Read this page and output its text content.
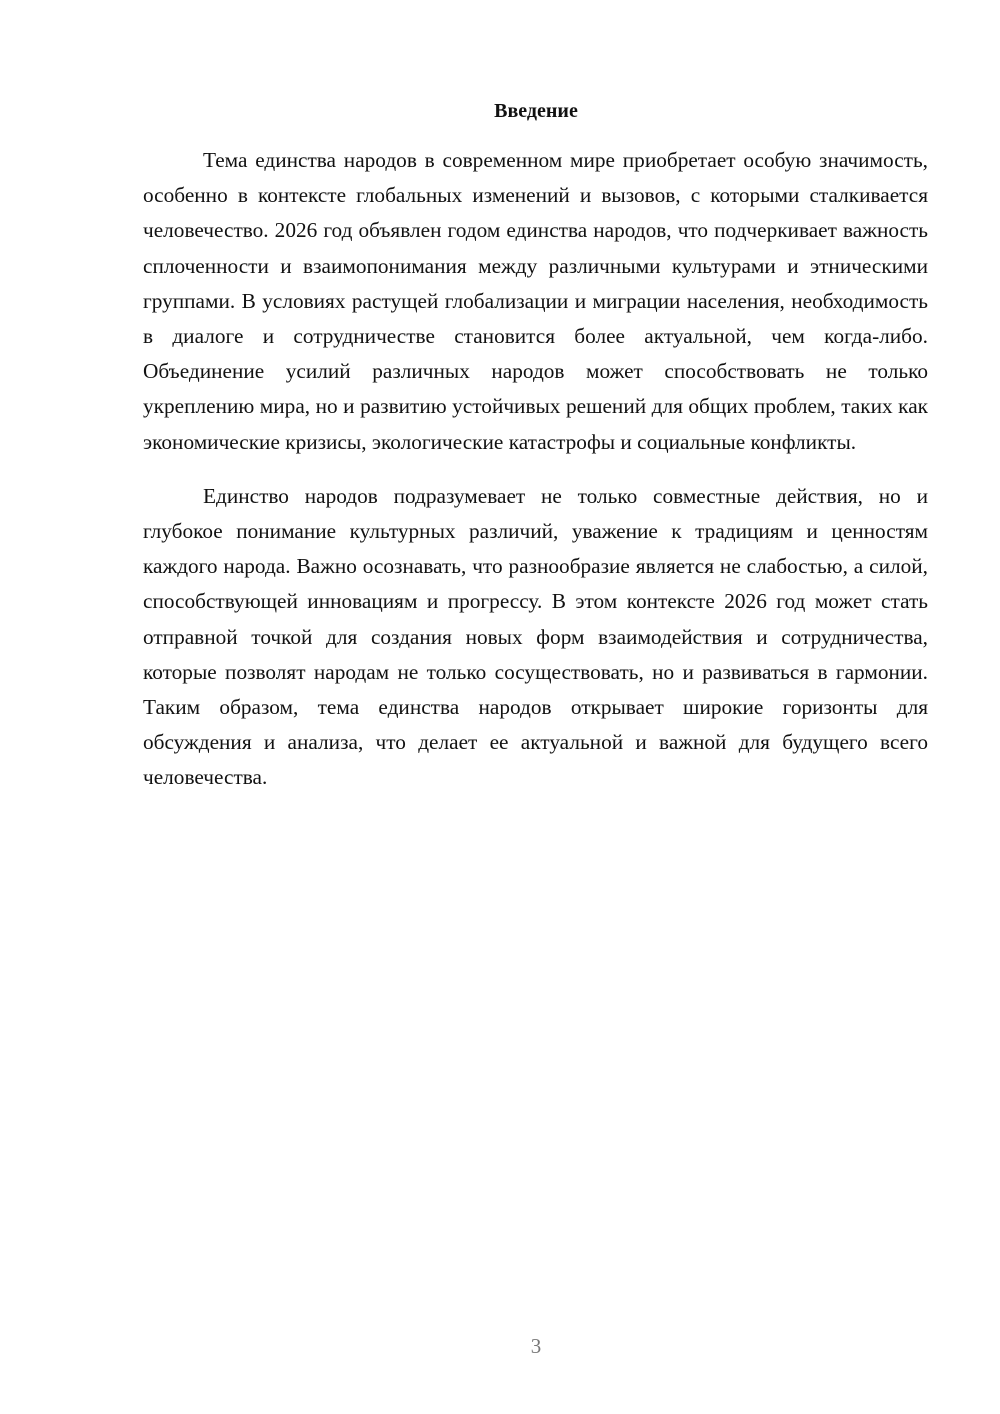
Введение

Тема единства народов в современном мире приобретает особую значимость, особенно в контексте глобальных изменений и вызовов, с которыми сталкивается человечество. 2026 год объявлен годом единства народов, что подчеркивает важность сплоченности и взаимопонимания между различными культурами и этническими группами. В условиях растущей глобализации и миграции населения, необходимость в диалоге и сотрудничестве становится более актуальной, чем когда-либо. Объединение усилий различных народов может способствовать не только укреплению мира, но и развитию устойчивых решений для общих проблем, таких как экономические кризисы, экологические катастрофы и социальные конфликты.

Единство народов подразумевает не только совместные действия, но и глубокое понимание культурных различий, уважение к традициям и ценностям каждого народа. Важно осознавать, что разнообразие является не слабостью, а силой, способствующей инновациям и прогрессу. В этом контексте 2026 год может стать отправной точкой для создания новых форм взаимодействия и сотрудничества, которые позволят народам не только сосуществовать, но и развиваться в гармонии. Таким образом, тема единства народов открывает широкие горизонты для обсуждения и анализа, что делает ее актуальной и важной для будущего всего человечества.

3
